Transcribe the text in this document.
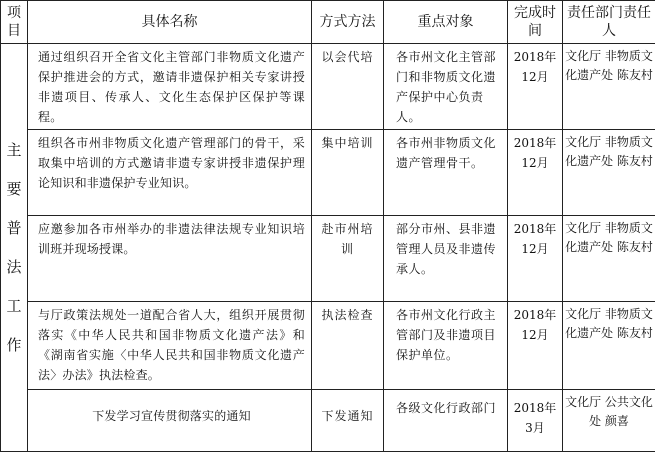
项目	具体名称	方式方法	重点对象	完成时间	责任部门责任人
主要普法工作	通过组织召开全省文化主管部门非物质文化遗产保护推进会的方式，邀请非遗保护相关专家讲授非遗项目、传承人、文化生态保护区保护等课程。	以会代培	各市州文化主管部门和非物质文化遗产保护中心负责人。	2018年12月	文化厅 非物质文化遗产处 陈友村
	组织各市州非物质文化遗产管理部门的骨干，采取集中培训的方式邀请非遗专家讲授非遗保护理论知识和非遗保护专业知识。	集中培训	各市州非物质文化遗产管理骨干。	2018年12月	文化厅 非物质文化遗产处 陈友村
	应邀参加各市州举办的非遗法律法规专业知识培训班并现场授课。	赴市州培训	部分市州、县非遗管理人员及非遗传承人。	2018年12月	文化厅 非物质文化遗产处 陈友村
	与厅政策法规处一道配合省人大，组织开展贯彻落实《中华人民共和国非物质文化遗产法》和《湖南省实施〈中华人民共和国非物质文化遗产法〉办法》执法检查。	执法检查	各市州文化行政主管部门及非遗项目保护单位。	2018年12月	文化厅 非物质文化遗产处 陈友村
	下发学习宣传贯彻落实的通知	下发通知	各级文化行政部门	2018年3月	文化厅 公共文化处 颜喜
